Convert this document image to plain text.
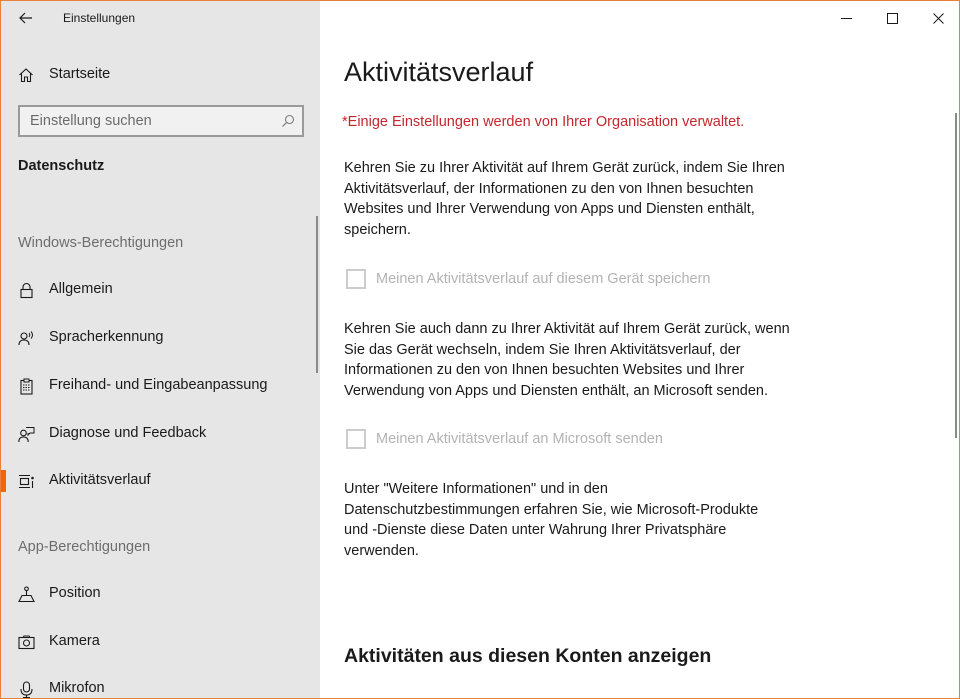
Einstellungen
Startseite
Einstellung suchen
Datenschutz
Windows-Berechtigungen
Allgemein
Spracherkennung
Freihand- und Eingabeanpassung
Diagnose und Feedback
Aktivitätsverlauf
App-Berechtigungen
Position
Kamera
Mikrofon
Aktivitätsverlauf
*Einige Einstellungen werden von Ihrer Organisation verwaltet.

Kehren Sie zu Ihrer Aktivität auf Ihrem Gerät zurück, indem Sie Ihren Aktivitätsverlauf, der Informationen zu den von Ihnen besuchten Websites und Ihrer Verwendung von Apps und Diensten enthält, speichern.

Meinen Aktivitätsverlauf auf diesem Gerät speichern

Kehren Sie auch dann zu Ihrer Aktivität auf Ihrem Gerät zurück, wenn Sie das Gerät wechseln, indem Sie Ihren Aktivitätsverlauf, der Informationen zu den von Ihnen besuchten Websites und Ihrer Verwendung von Apps und Diensten enthält, an Microsoft senden.

Meinen Aktivitätsverlauf an Microsoft senden

Unter "Weitere Informationen" und in den Datenschutzbestimmungen erfahren Sie, wie Microsoft-Produkte und -Dienste diese Daten unter Wahrung Ihrer Privatsphäre verwenden.

Aktivitäten aus diesen Konten anzeigen
